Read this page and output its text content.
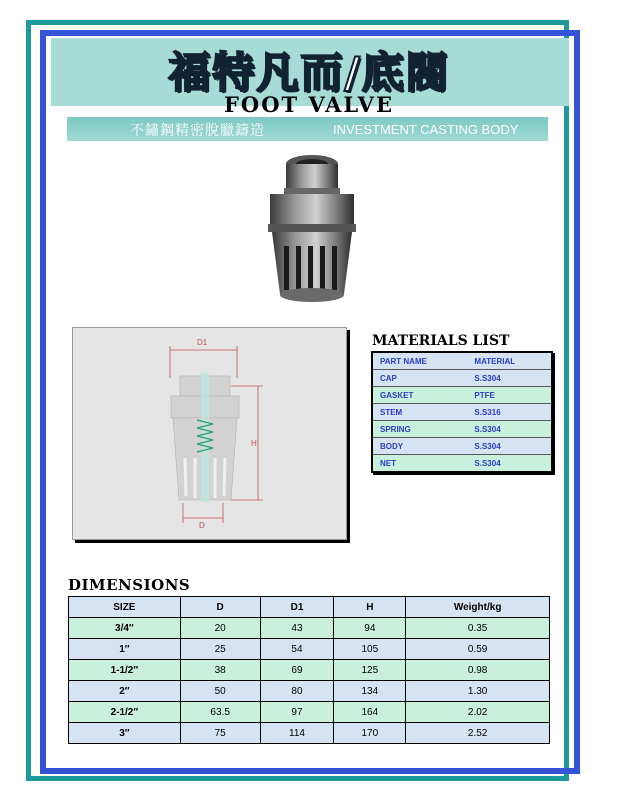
福特凡而/底閥
FOOT VALVE
不鏽鋼精密脫臘鑄造	INVESTMENT CASTING BODY
D1
H
D
MATERIALS LIST
PART NAME	MATERIAL
CAP	S.S304
GASKET	PTFE
STEM	S.S316
SPRING	S.S304
BODY	S.S304
NET	S.S304
DIMENSIONS
SIZE	D	D1	H	Weight/kg
3/4″	20	43	94	0.35
1″	25	54	105	0.59
1-1/2″	38	69	125	0.98
2″	50	80	134	1.30
2-1/2″	63.5	97	164	2.02
3″	75	114	170	2.52
